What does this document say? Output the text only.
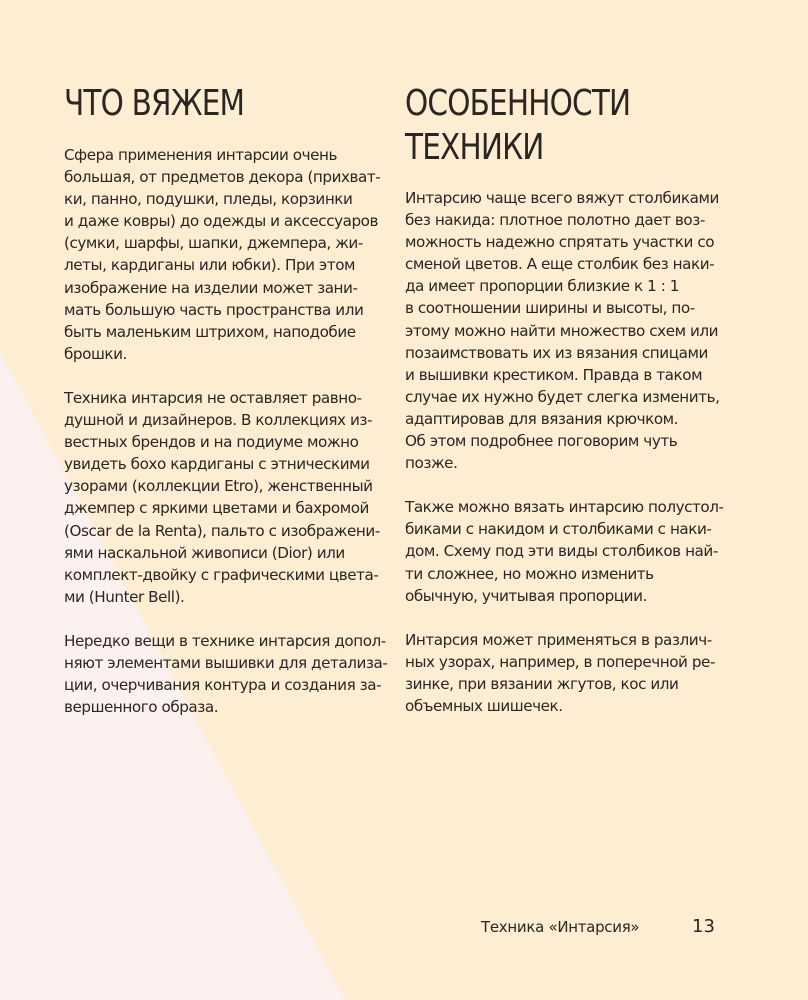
ЧТО ВЯЖЕМ

Сфера применения интарсии очень
большая, от предметов декора (прихват-
ки, панно, подушки, пледы, корзинки
и даже ковры) до одежды и аксессуаров
(сумки, шарфы, шапки, джемпера, жи-
леты, кардиганы или юбки). При этом
изображение на изделии может зани-
мать большую часть пространства или
быть маленьким штрихом, наподобие
брошки.

Техника интарсия не оставляет равно-
душной и дизайнеров. В коллекциях из-
вестных брендов и на подиуме можно
увидеть бохо кардиганы с этническими
узорами (коллекции Etro), женственный
джемпер с яркими цветами и бахромой
(Oscar de la Renta), пальто с изображени-
ями наскальной живописи (Dior) или
комплект-двойку с графическими цвета-
ми (Hunter Bell).

Нередко вещи в технике интарсия допол-
няют элементами вышивки для детализа-
ции, очерчивания контура и создания за-
вершенного образа.

ОСОБЕННОСТИ
ТЕХНИКИ

Интарсию чаще всего вяжут столбиками
без накида: плотное полотно дает воз-
можность надежно спрятать участки со
сменой цветов. А еще столбик без наки-
да имеет пропорции близкие к 1 : 1
в соотношении ширины и высоты, по-
этому можно найти множество схем или
позаимствовать их из вязания спицами
и вышивки крестиком. Правда в таком
случае их нужно будет слегка изменить,
адаптировав для вязания крючком.
Об этом подробнее поговорим чуть
позже.

Также можно вязать интарсию полустол-
биками с накидом и столбиками с наки-
дом. Схему под эти виды столбиков най-
ти сложнее, но можно изменить
обычную, учитывая пропорции.

Интарсия может применяться в различ-
ных узорах, например, в поперечной ре-
зинке, при вязании жгутов, кос или
объемных шишечек.

Техника «Интарсия»	13
